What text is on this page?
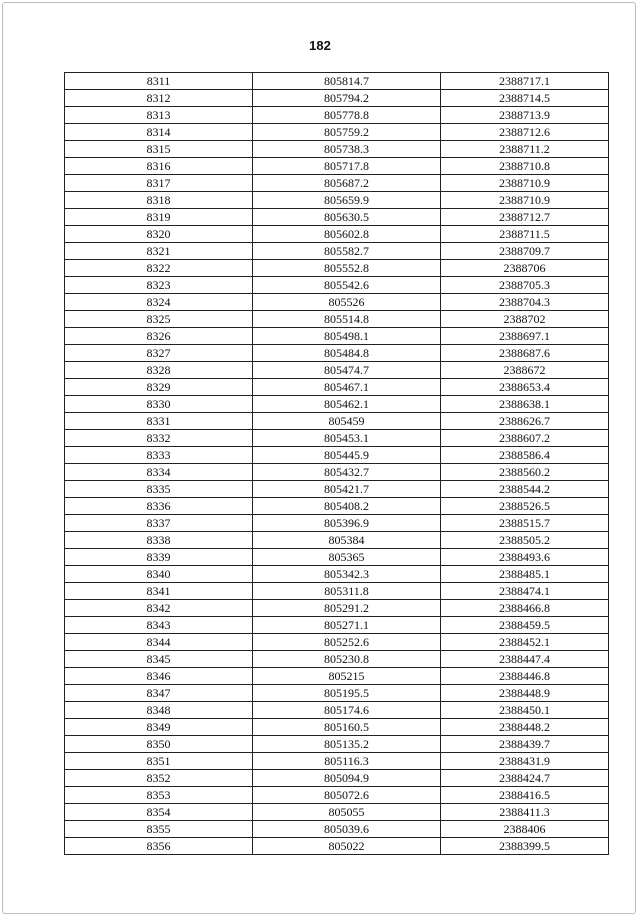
182
8311	805814.7	2388717.1
8312	805794.2	2388714.5
8313	805778.8	2388713.9
8314	805759.2	2388712.6
8315	805738.3	2388711.2
8316	805717.8	2388710.8
8317	805687.2	2388710.9
8318	805659.9	2388710.9
8319	805630.5	2388712.7
8320	805602.8	2388711.5
8321	805582.7	2388709.7
8322	805552.8	2388706
8323	805542.6	2388705.3
8324	805526	2388704.3
8325	805514.8	2388702
8326	805498.1	2388697.1
8327	805484.8	2388687.6
8328	805474.7	2388672
8329	805467.1	2388653.4
8330	805462.1	2388638.1
8331	805459	2388626.7
8332	805453.1	2388607.2
8333	805445.9	2388586.4
8334	805432.7	2388560.2
8335	805421.7	2388544.2
8336	805408.2	2388526.5
8337	805396.9	2388515.7
8338	805384	2388505.2
8339	805365	2388493.6
8340	805342.3	2388485.1
8341	805311.8	2388474.1
8342	805291.2	2388466.8
8343	805271.1	2388459.5
8344	805252.6	2388452.1
8345	805230.8	2388447.4
8346	805215	2388446.8
8347	805195.5	2388448.9
8348	805174.6	2388450.1
8349	805160.5	2388448.2
8350	805135.2	2388439.7
8351	805116.3	2388431.9
8352	805094.9	2388424.7
8353	805072.6	2388416.5
8354	805055	2388411.3
8355	805039.6	2388406
8356	805022	2388399.5
